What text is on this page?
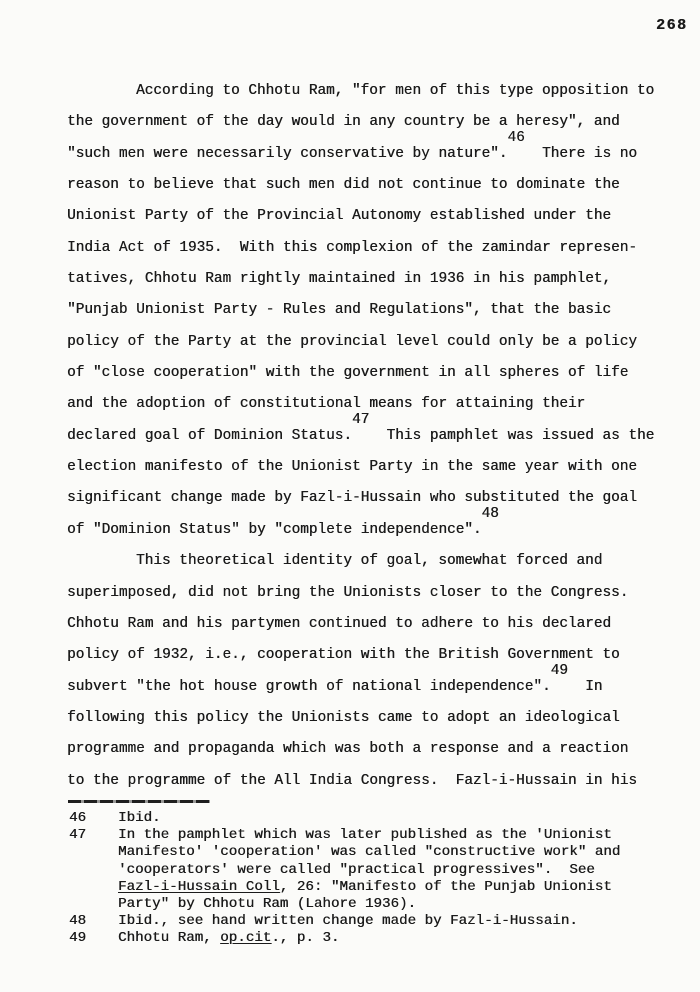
268
According to Chhotu Ram, "for men of this type opposition to
the government of the day would in any country be a heresy", and
"such men were necessarily conservative by nature".46  There is no
reason to believe that such men did not continue to dominate the
Unionist Party of the Provincial Autonomy established under the
India Act of 1935.  With this complexion of the zamindar represen-
tatives, Chhotu Ram rightly maintained in 1936 in his pamphlet,
"Punjab Unionist Party - Rules and Regulations", that the basic
policy of the Party at the provincial level could only be a policy
of "close cooperation" with the government in all spheres of life
and the adoption of constitutional means for attaining their
declared goal of Dominion Status.47  This pamphlet was issued as the
election manifesto of the Unionist Party in the same year with one
significant change made by Fazl-i-Hussain who substituted the goal
of "Dominion Status" by "complete independence".48
This theoretical identity of goal, somewhat forced and
superimposed, did not bring the Unionists closer to the Congress.
Chhotu Ram and his partymen continued to adhere to his declared
policy of 1932, i.e., cooperation with the British Government to
subvert "the hot house growth of national independence".49  In
following this policy the Unionists came to adopt an ideological
programme and propaganda which was both a response and a reaction
to the programme of the All India Congress.  Fazl-i-Hussain in his
46	Ibid.
47	In the pamphlet which was later published as the 'Unionist
Manifesto' 'cooperation' was called "constructive work" and
'cooperators' were called "practical progressives".  See
Fazl-i-Hussain Coll, 26: "Manifesto of the Punjab Unionist
Party" by Chhotu Ram (Lahore 1936).
48	Ibid., see hand written change made by Fazl-i-Hussain.
49	Chhotu Ram, op.cit., p. 3.
